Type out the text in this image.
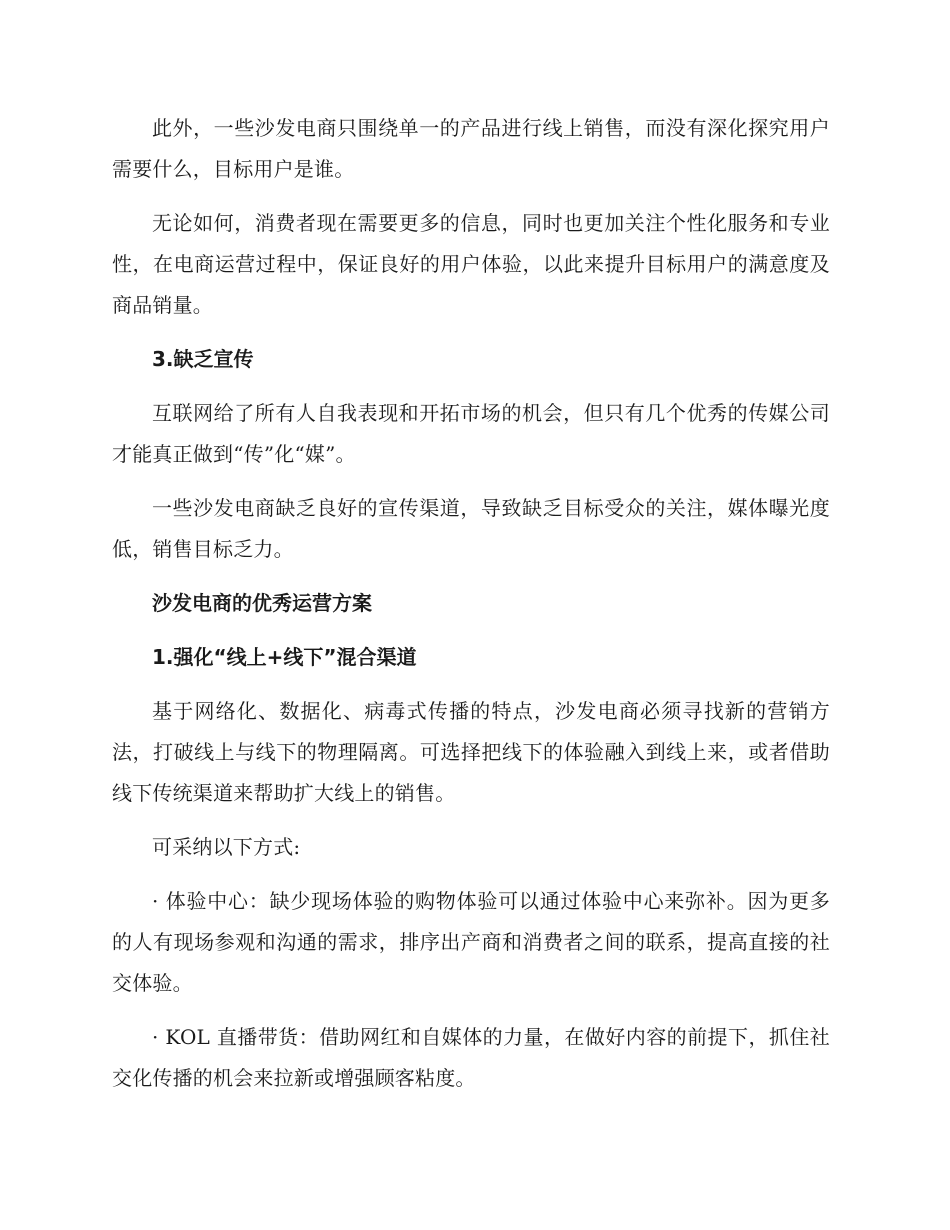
此外，一些沙发电商只围绕单一的产品进行线上销售，而没有深化探究用户需要什么，目标用户是谁。

无论如何，消费者现在需要更多的信息，同时也更加关注个性化服务和专业性，在电商运营过程中，保证良好的用户体验，以此来提升目标用户的满意度及商品销量。

3.缺乏宣传

互联网给了所有人自我表现和开拓市场的机会，但只有几个优秀的传媒公司才能真正做到“传”化“媒”。

一些沙发电商缺乏良好的宣传渠道，导致缺乏目标受众的关注，媒体曝光度低，销售目标乏力。

沙发电商的优秀运营方案

1.强化“线上+线下”混合渠道

基于网络化、数据化、病毒式传播的特点，沙发电商必须寻找新的营销方法，打破线上与线下的物理隔离。可选择把线下的体验融入到线上来，或者借助线下传统渠道来帮助扩大线上的销售。

可采纳以下方式:

· 体验中心：缺少现场体验的购物体验可以通过体验中心来弥补。因为更多的人有现场参观和沟通的需求，排序出产商和消费者之间的联系，提高直接的社交体验。

· KOL 直播带货：借助网红和自媒体的力量，在做好内容的前提下，抓住社交化传播的机会来拉新或增强顾客粘度。
